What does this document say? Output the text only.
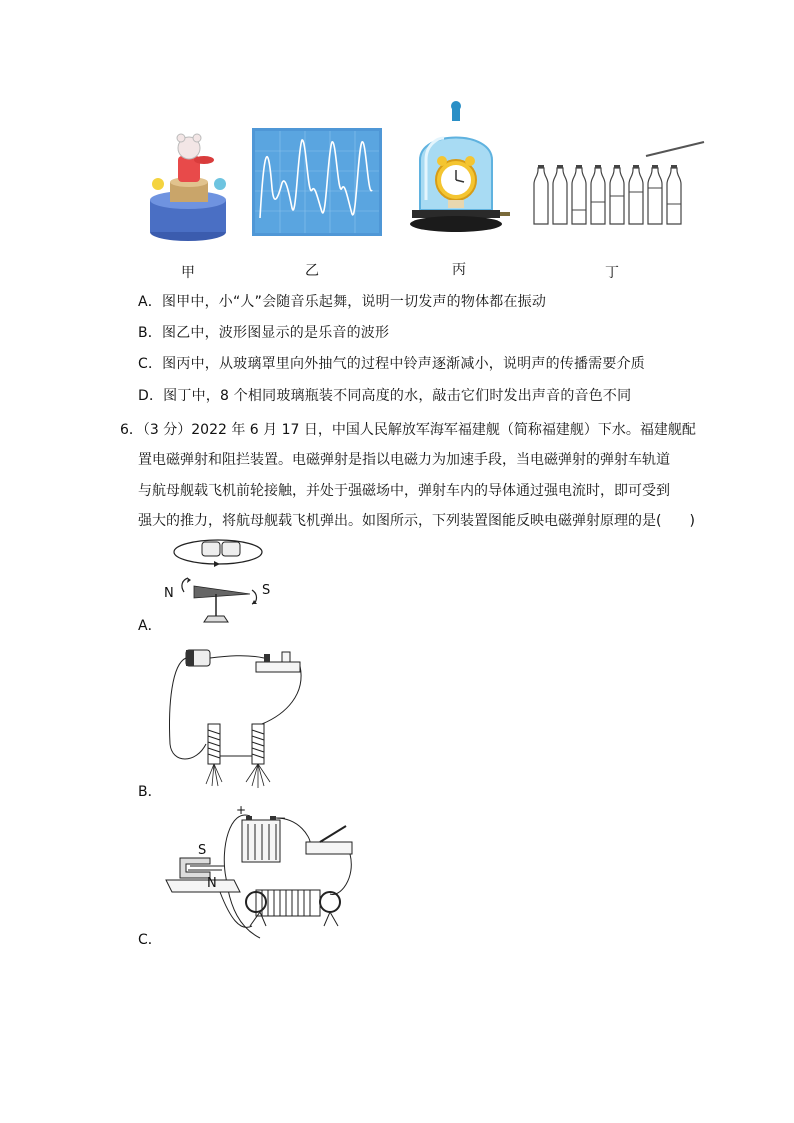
甲	乙	丙	丁
A．图甲中，小“人”会随音乐起舞，说明一切发声的物体都在振动
B．图乙中，波形图显示的是乐音的波形
C．图丙中，从玻璃罩里向外抽气的过程中铃声逐渐减小，说明声的传播需要介质
D．图丁中，8 个相同玻璃瓶装不同高度的水，敲击它们时发出声音的音色不同
6．（3 分）2022 年 6 月 17 日，中国人民解放军海军福建舰（简称福建舰）下水。福建舰配
置电磁弹射和阻拦装置。电磁弹射是指以电磁力为加速手段，当电磁弹射的弹射车轨道
与航母舰载飞机前轮接触，并处于强磁场中，弹射车内的导体通过强电流时，即可受到
强大的推力，将航母舰载飞机弹出。如图所示，下列装置图能反映电磁弹射原理的是(　　)
N	S
A．
B．
+
−
S
N
C．
